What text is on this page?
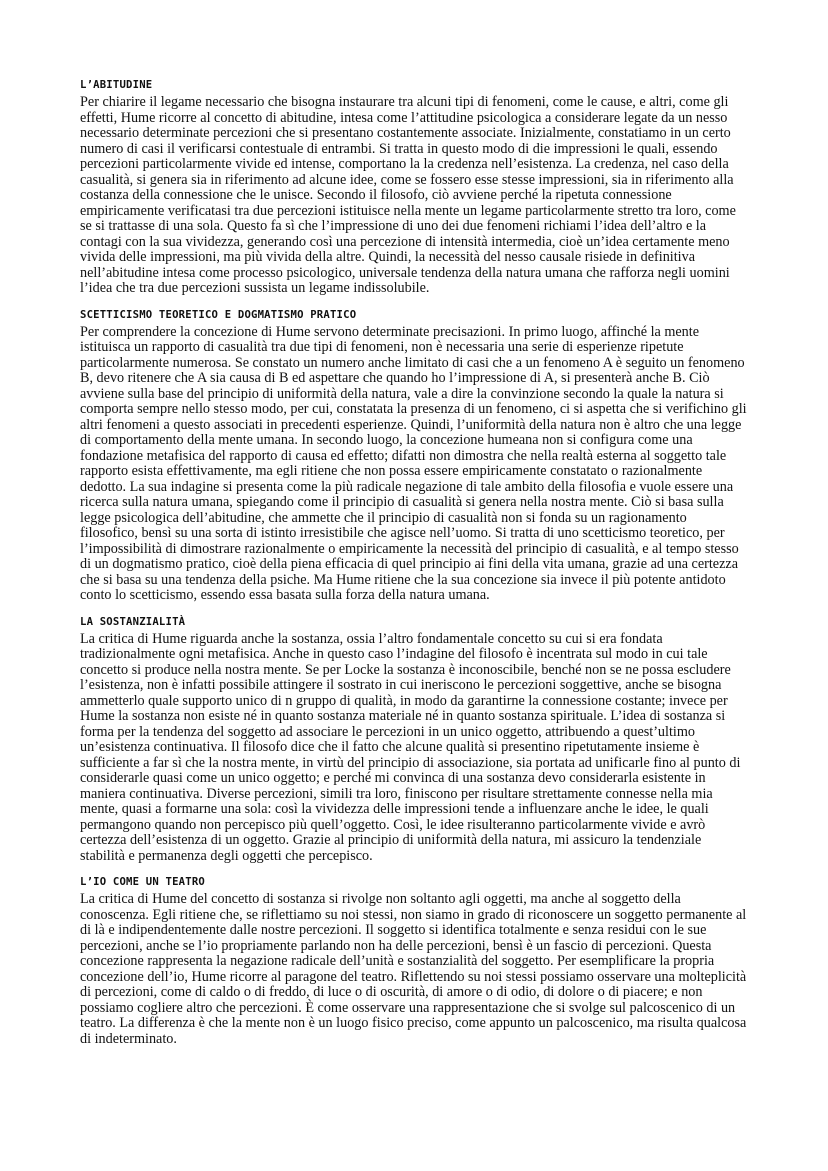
L’ABITUDINE

Per chiarire il legame necessario che bisogna instaurare tra alcuni tipi di fenomeni, come le cause, e altri, come gli effetti, Hume ricorre al concetto di abitudine, intesa come l’attitudine psicologica a considerare legate da un nesso necessario determinate percezioni che si presentano costantemente associate. Inizialmente, constatiamo in un certo numero di casi il verificarsi contestuale di entrambi. Si tratta in questo modo di die impressioni le quali, essendo percezioni particolarmente vivide ed intense, comportano la la credenza nell’esistenza. La credenza, nel caso della casualità, si genera sia in riferimento ad alcune idee, come se fossero esse stesse impressioni, sia in riferimento alla costanza della connessione che le unisce. Secondo il filosofo, ciò avviene perché la ripetuta connessione empiricamente verificatasi tra due percezioni istituisce nella mente un legame particolarmente stretto tra loro, come se si trattasse di una sola. Questo fa sì che l’impressione di uno dei due fenomeni richiami l’idea dell’altro e la contagi con la sua vividezza, generando così una percezione di intensità intermedia, cioè un’idea certamente meno vivida delle impressioni, ma più vivida della altre. Quindi, la necessità del nesso causale risiede in definitiva nell’abitudine intesa come processo psicologico, universale tendenza della natura umana che rafforza negli uomini l’idea che tra due percezioni sussista un legame indissolubile.

SCETTICISMO TEORETICO E DOGMATISMO PRATICO

Per comprendere la concezione di Hume servono determinate precisazioni. In primo luogo, affinché la mente istituisca un rapporto di casualità tra due tipi di fenomeni, non è necessaria una serie di esperienze ripetute particolarmente numerosa. Se constato un numero anche limitato di casi che a un fenomeno A è seguito un fenomeno B, devo ritenere che A sia causa di B ed aspettare che quando ho l’impressione di A, si presenterà anche B. Ciò avviene sulla base del principio di uniformità della natura, vale a dire la convinzione secondo la quale la natura si comporta sempre nello stesso modo, per cui, constatata la presenza di un fenomeno, ci si aspetta che si verifichino gli altri fenomeni a questo associati in precedenti esperienze. Quindi, l’uniformità della natura non è altro che una legge di comportamento della mente umana. In secondo luogo, la concezione humeana non si configura come una fondazione metafisica del rapporto di causa ed effetto; difatti non dimostra che nella realtà esterna al soggetto tale rapporto esista effettivamente, ma egli ritiene che non possa essere empiricamente constatato o razionalmente dedotto. La sua indagine si presenta come la più radicale negazione di tale ambito della filosofia e vuole essere una ricerca sulla natura umana, spiegando come il principio di casualità si genera nella nostra mente. Ciò si basa sulla legge psicologica dell’abitudine, che ammette che il principio di casualità non si fonda su un ragionamento filosofico, bensì su una sorta di istinto irresistibile che agisce nell’uomo. Si tratta di uno scetticismo teoretico, per l’impossibilità di dimostrare razionalmente o empiricamente la necessità del principio di casualità, e al tempo stesso di un dogmatismo pratico, cioè della piena efficacia di quel principio ai fini della vita umana, grazie ad una certezza che si basa su una tendenza della psiche. Ma Hume ritiene che la sua concezione sia invece il più potente antidoto conto lo scetticismo, essendo essa basata sulla forza della natura umana.

LA SOSTANZIALITÀ

La critica di Hume riguarda anche la sostanza, ossia l’altro fondamentale concetto su cui si era fondata tradizionalmente ogni metafisica. Anche in questo caso l’indagine del filosofo è incentrata sul modo in cui tale concetto si produce nella nostra mente. Se per Locke la sostanza è inconoscibile, benché non se ne possa escludere l’esistenza, non è infatti possibile attingere il sostrato in cui ineriscono le percezioni soggettive, anche se bisogna ammetterlo quale supporto unico di n gruppo di qualità, in modo da garantirne la connessione costante; invece per Hume la sostanza non esiste né in quanto sostanza materiale né in quanto sostanza spirituale. L’idea di sostanza si forma per la tendenza del soggetto ad associare le percezioni in un unico oggetto, attribuendo a quest’ultimo un’esistenza continuativa. Il filosofo dice che il fatto che alcune qualità si presentino ripetutamente insieme è sufficiente a far sì che la nostra mente, in virtù del principio di associazione, sia portata ad unificarle fino al punto di considerarle quasi come un unico oggetto; e perché mi convinca di una sostanza devo considerarla esistente in maniera continuativa. Diverse percezioni, simili tra loro, finiscono per risultare strettamente connesse nella mia mente, quasi a formarne una sola: così la vividezza delle impressioni tende a influenzare anche le idee, le quali permangono quando non percepisco più quell’oggetto. Così, le idee risulteranno particolarmente vivide e avrò certezza dell’esistenza di un oggetto. Grazie al principio di uniformità della natura, mi assicuro la tendenziale stabilità e permanenza degli oggetti che percepisco.

L’IO COME UN TEATRO

La critica di Hume del concetto di sostanza si rivolge non soltanto agli oggetti, ma anche al soggetto della conoscenza. Egli ritiene che, se riflettiamo su noi stessi, non siamo in grado di riconoscere un soggetto permanente al di là e indipendentemente dalle nostre percezioni. Il soggetto si identifica totalmente e senza residui con le sue percezioni, anche se l’io propriamente parlando non ha delle percezioni, bensì è un fascio di percezioni. Questa concezione rappresenta la negazione radicale dell’unità e sostanzialità del soggetto. Per esemplificare la propria concezione dell’io, Hume ricorre al paragone del teatro. Riflettendo su noi stessi possiamo osservare una molteplicità di percezioni, come di caldo o di freddo, di luce o di oscurità, di amore o di odio, di dolore o di piacere; e non possiamo cogliere altro che percezioni. È come osservare una rappresentazione che si svolge sul palcoscenico di un teatro. La differenza è che la mente non è un luogo fisico preciso, come appunto un palcoscenico, ma risulta qualcosa di indeterminato.
